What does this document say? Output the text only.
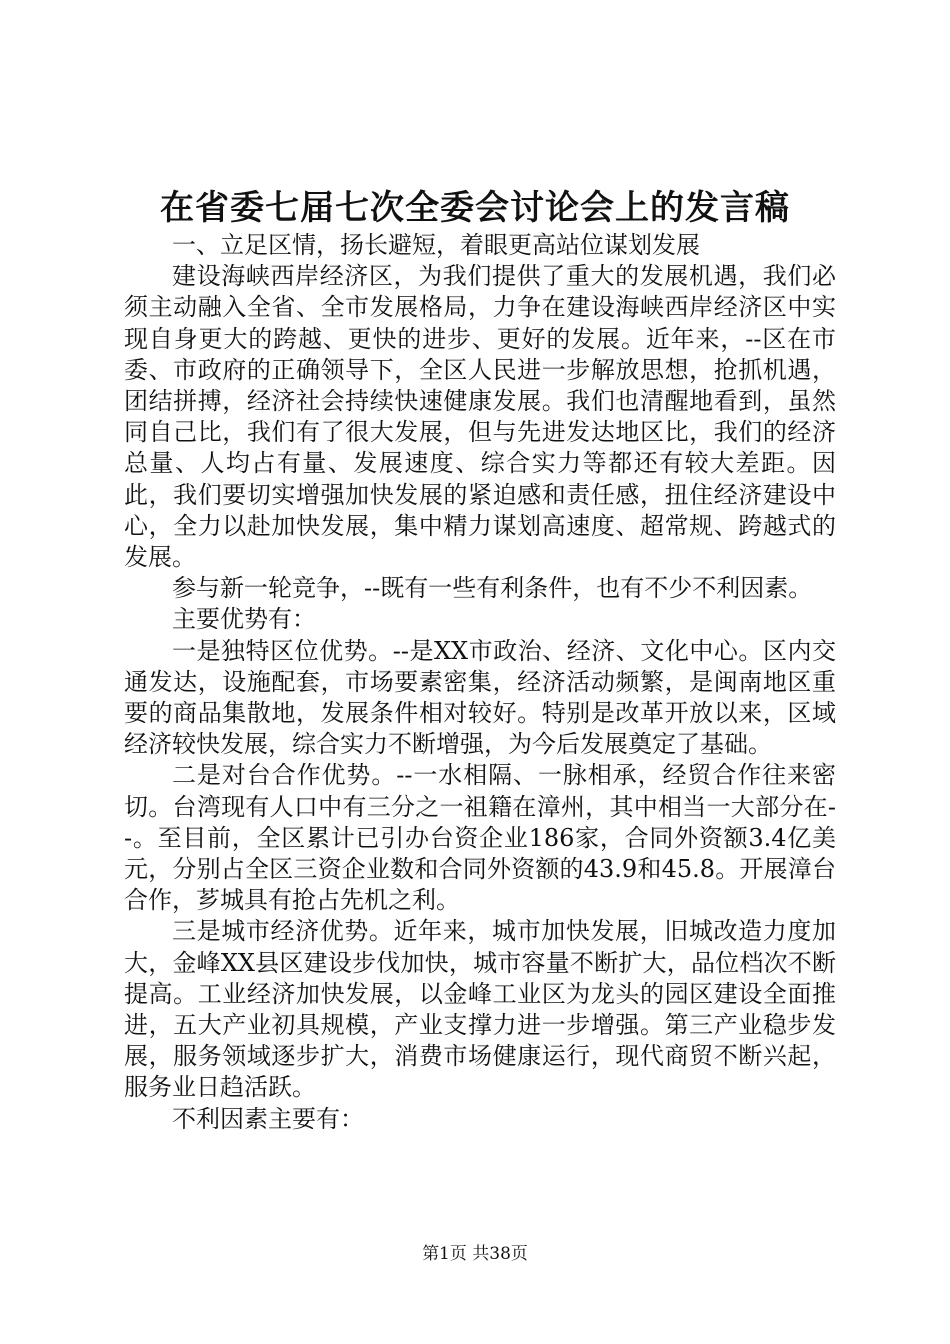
在省委七届七次全委会讨论会上的发言稿

一、立足区情，扬长避短，着眼更高站位谋划发展

建设海峡西岸经济区，为我们提供了重大的发展机遇，我们必须主动融入全省、全市发展格局，力争在建设海峡西岸经济区中实现自身更大的跨越、更快的进步、更好的发展。近年来，--区在市委、市政府的正确领导下，全区人民进一步解放思想，抢抓机遇，团结拼搏，经济社会持续快速健康发展。我们也清醒地看到，虽然同自己比，我们有了很大发展，但与先进发达地区比，我们的经济总量、人均占有量、发展速度、综合实力等都还有较大差距。因此，我们要切实增强加快发展的紧迫感和责任感，扭住经济建设中心，全力以赴加快发展，集中精力谋划高速度、超常规、跨越式的发展。

参与新一轮竞争，--既有一些有利条件，也有不少不利因素。

主要优势有：

一是独特区位优势。--是XX市政治、经济、文化中心。区内交通发达，设施配套，市场要素密集，经济活动频繁，是闽南地区重要的商品集散地，发展条件相对较好。特别是改革开放以来，区域经济较快发展，综合实力不断增强，为今后发展奠定了基础。

二是对台合作优势。--一水相隔、一脉相承，经贸合作往来密切。台湾现有人口中有三分之一祖籍在漳州，其中相当一大部分在--。至目前，全区累计已引办台资企业186家，合同外资额3.4亿美元，分别占全区三资企业数和合同外资额的43.9和45.8。开展漳台合作，芗城具有抢占先机之利。

三是城市经济优势。近年来，城市加快发展，旧城改造力度加大，金峰XX县区建设步伐加快，城市容量不断扩大，品位档次不断提高。工业经济加快发展，以金峰工业区为龙头的园区建设全面推进，五大产业初具规模，产业支撑力进一步增强。第三产业稳步发展，服务领域逐步扩大，消费市场健康运行，现代商贸不断兴起，服务业日趋活跃。

不利因素主要有：

第1页 共38页
